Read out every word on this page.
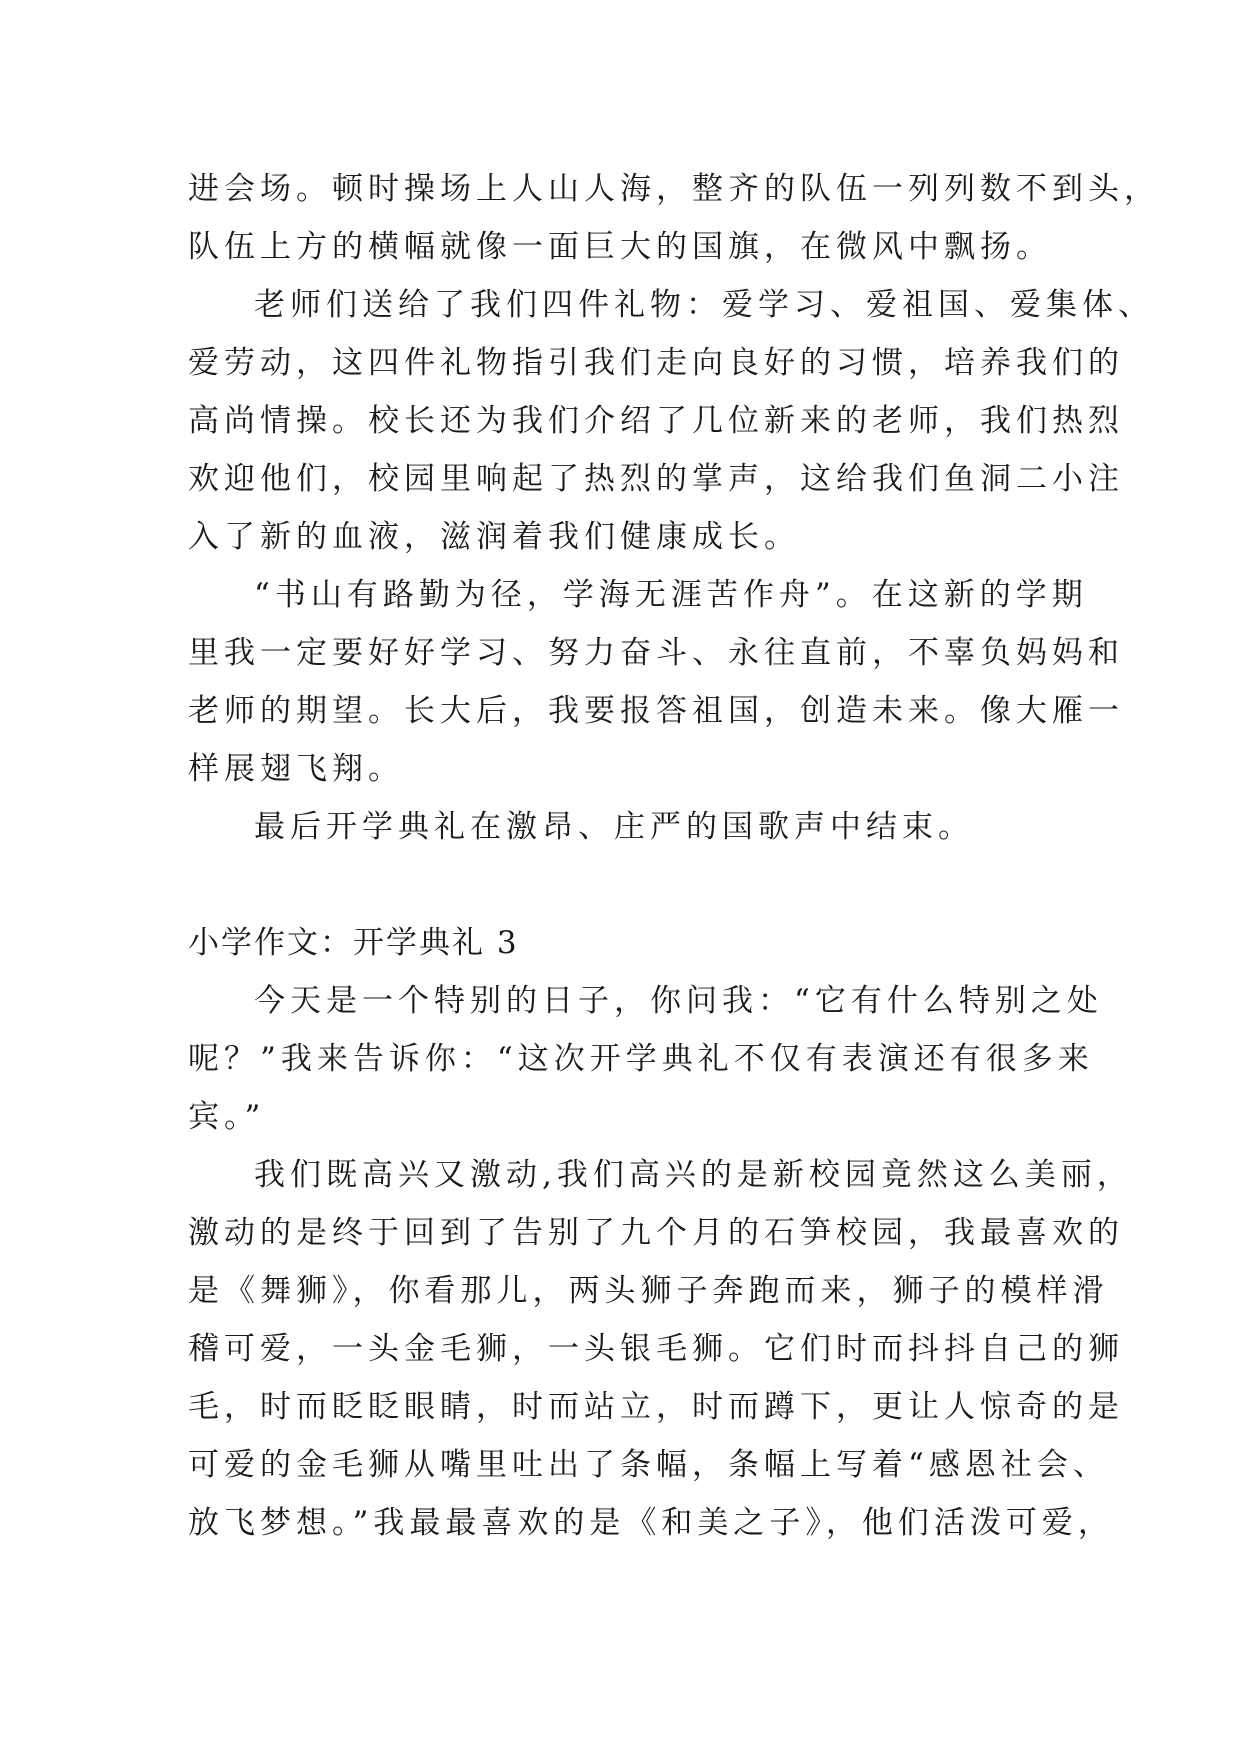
进会场。顿时操场上人山人海，整齐的队伍一列列数不到头，
队伍上方的横幅就像一面巨大的国旗，在微风中飘扬。
老师们送给了我们四件礼物：爱学习、爱祖国、爱集体、
爱劳动，这四件礼物指引我们走向良好的习惯，培养我们的
高尚情操。校长还为我们介绍了几位新来的老师，我们热烈
欢迎他们，校园里响起了热烈的掌声，这给我们鱼洞二小注
入了新的血液，滋润着我们健康成长。
“书山有路勤为径，学海无涯苦作舟”。在这新的学期
里我一定要好好学习、努力奋斗、永往直前，不辜负妈妈和
老师的期望。长大后，我要报答祖国，创造未来。像大雁一
样展翅飞翔。
最后开学典礼在激昂、庄严的国歌声中结束。
小学作文：开学典礼 3
今天是一个特别的日子，你问我：“它有什么特别之处
呢？”我来告诉你：“这次开学典礼不仅有表演还有很多来
宾。”
我们既高兴又激动,我们高兴的是新校园竟然这么美丽，
激动的是终于回到了告别了九个月的石笋校园，我最喜欢的
是《舞狮》，你看那儿，两头狮子奔跑而来，狮子的模样滑
稽可爱，一头金毛狮，一头银毛狮。它们时而抖抖自己的狮
毛，时而眨眨眼睛，时而站立，时而蹲下，更让人惊奇的是
可爱的金毛狮从嘴里吐出了条幅，条幅上写着“感恩社会、
放飞梦想。”我最最喜欢的是《和美之子》，他们活泼可爱，
